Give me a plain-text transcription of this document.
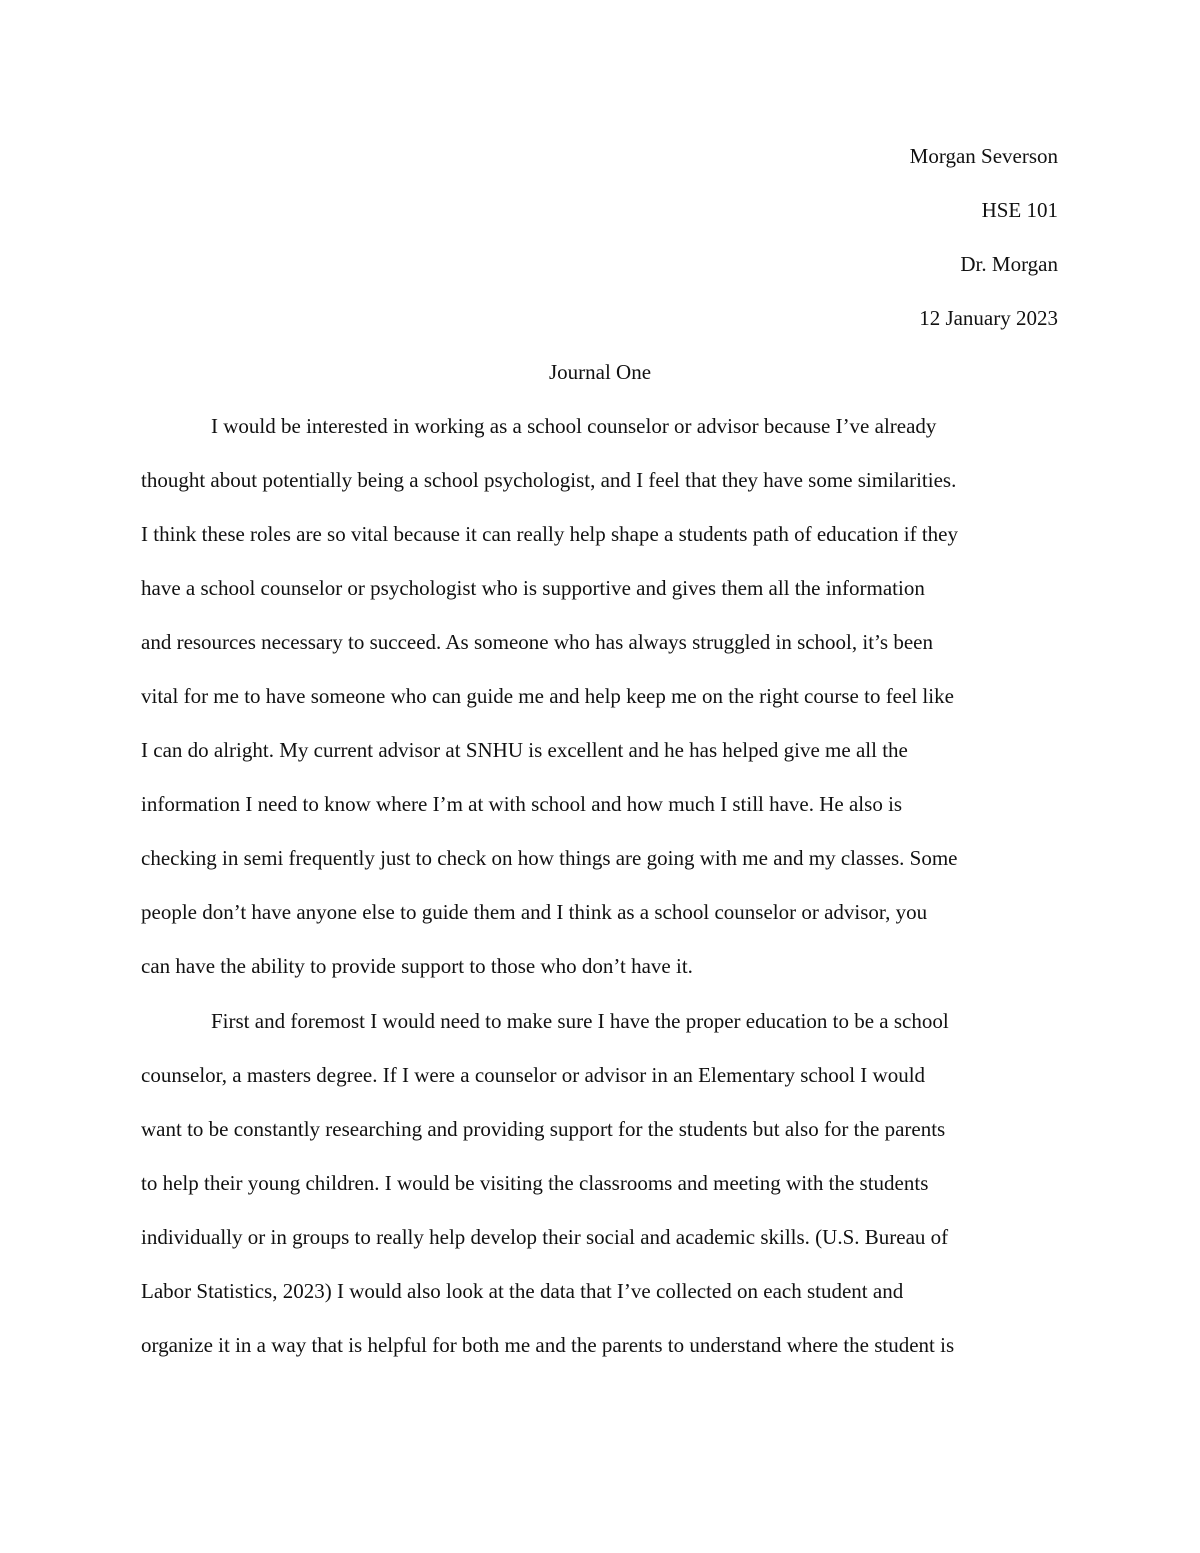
Morgan Severson
HSE 101
Dr. Morgan
12 January 2023
Journal One
I would be interested in working as a school counselor or advisor because I’ve already
thought about potentially being a school psychologist, and I feel that they have some similarities.
I think these roles are so vital because it can really help shape a students path of education if they
have a school counselor or psychologist who is supportive and gives them all the information
and resources necessary to succeed. As someone who has always struggled in school, it’s been
vital for me to have someone who can guide me and help keep me on the right course to feel like
I can do alright. My current advisor at SNHU is excellent and he has helped give me all the
information I need to know where I’m at with school and how much I still have. He also is
checking in semi frequently just to check on how things are going with me and my classes. Some
people don’t have anyone else to guide them and I think as a school counselor or advisor, you
can have the ability to provide support to those who don’t have it.
First and foremost I would need to make sure I have the proper education to be a school
counselor, a masters degree. If I were a counselor or advisor in an Elementary school I would
want to be constantly researching and providing support for the students but also for the parents
to help their young children. I would be visiting the classrooms and meeting with the students
individually or in groups to really help develop their social and academic skills. (U.S. Bureau of
Labor Statistics, 2023) I would also look at the data that I’ve collected on each student and
organize it in a way that is helpful for both me and the parents to understand where the student is
